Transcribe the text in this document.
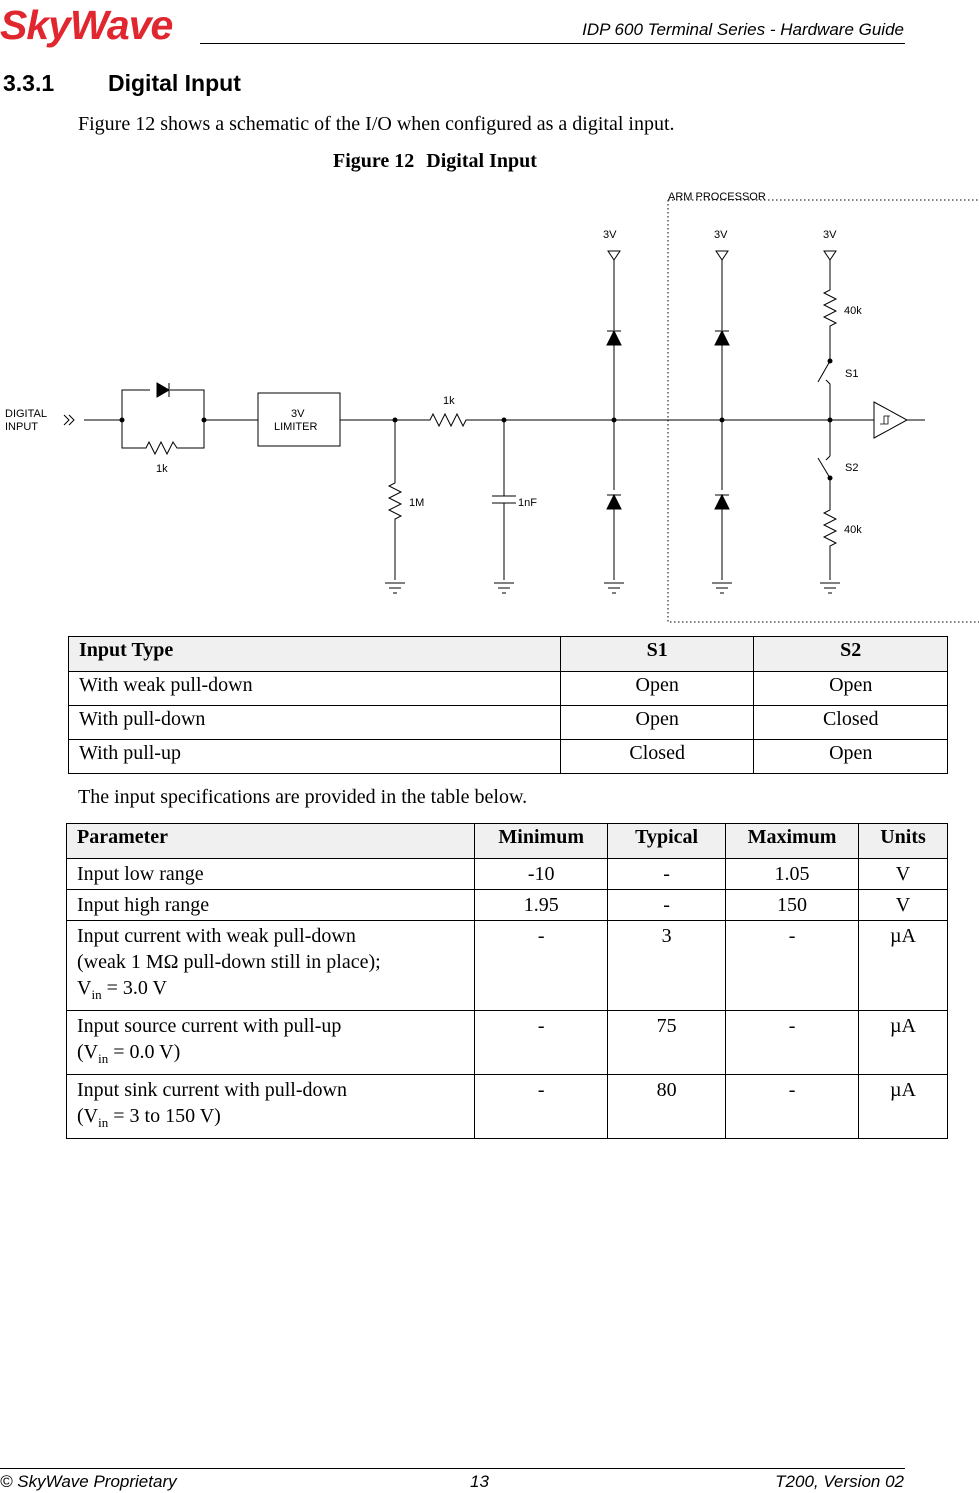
SkyWave	IDP 600 Terminal Series - Hardware Guide
3.3.1 Digital Input
Figure 12 shows a schematic of the I/O when configured as a digital input.
Figure 12 Digital Input
ARM PROCESSOR
DIGITAL
INPUT
1k
3V
LIMITER
1k
1M	1nF
3V	3V	3V
40k
S1
S2
40k
Input Type	S1	S2
With weak pull-down	Open	Open
With pull-down	Open	Closed
With pull-up	Closed	Open
The input specifications are provided in the table below.
Parameter	Minimum	Typical	Maximum	Units

Input low range	-10	-	1.05	V

Input high range	1.95	-	150	V

Input current with weak pull-down
(weak 1 MΩ pull-down still in place);
$V_{in} = 3.0$ V	-	3	-	µA

Input source current with pull-up
($V_{in} = 0.0$ V)	-	75	-	µA

Input sink current with pull-down
($V_{in} = 3$ to 150 V)	-	80	-	µA
© SkyWave Proprietary	13	T200, Version 02
